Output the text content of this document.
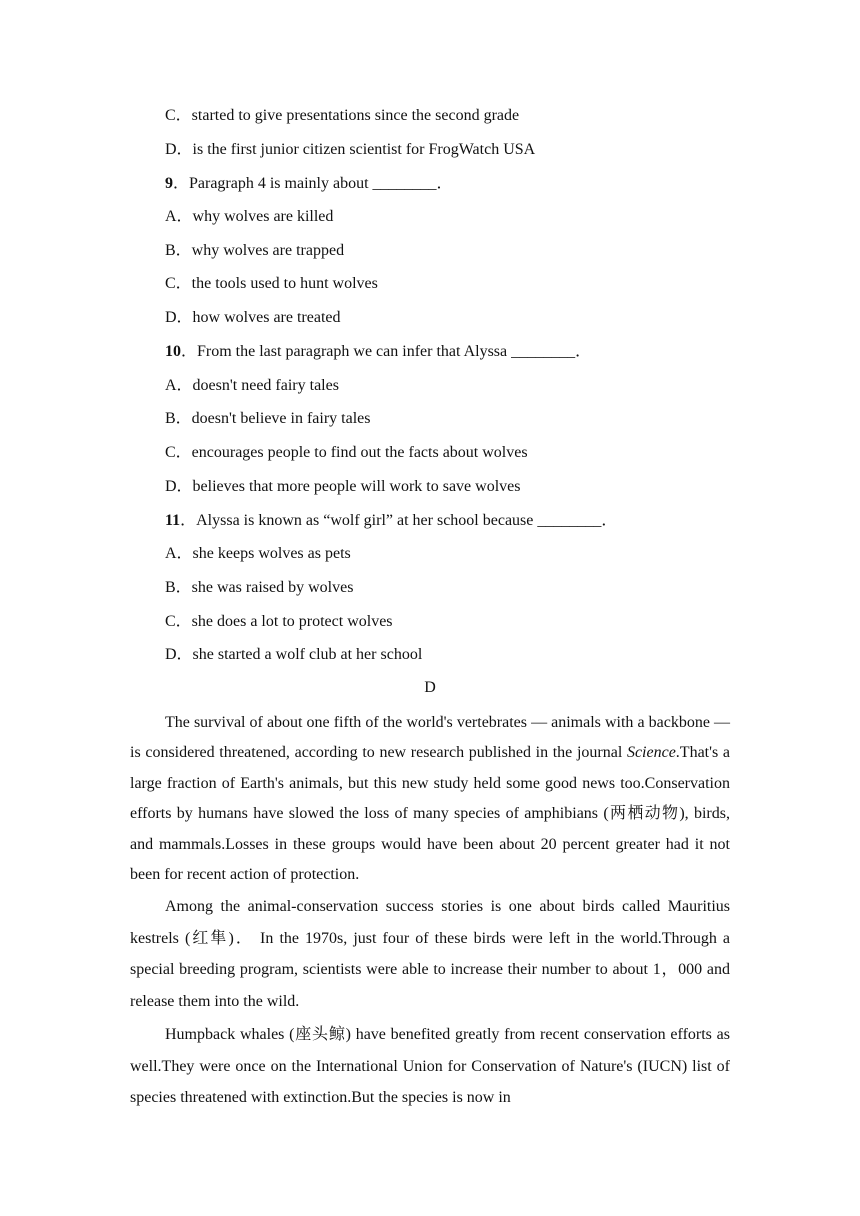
C．started to give presentations since the second grade
D．is the first junior citizen scientist for FrogWatch USA
9．Paragraph 4 is mainly about ________．
A．why wolves are killed
B．why wolves are trapped
C．the tools used to hunt wolves
D．how wolves are treated
10．From the last paragraph we can infer that Alyssa ________．
A．doesn't need fairy tales
B．doesn't believe in fairy tales
C．encourages people to find out the facts about wolves
D．believes that more people will work to save wolves
11．Alyssa is known as “wolf girl” at her school because ________．
A．she keeps wolves as pets
B．she was raised by wolves
C．she does a lot to protect wolves
D．she started a wolf club at her school
D

The survival of about one fifth of the world's vertebrates — animals with a backbone — is considered threatened, according to new research published in the journal Science.That's a large fraction of Earth's animals, but this new study held some good news too.Conservation efforts by humans have slowed the loss of many species of amphibians (两栖动物), birds, and mammals.Losses in these groups would have been about 20 percent greater had it not been for recent action of protection.

Among the animal-conservation success stories is one about birds called Mauritius kestrels (红隼)． In the 1970s, just four of these birds were left in the world.Through a special breeding program, scientists were able to increase their number to about 1，000 and release them into the wild.

Humpback whales (座头鲸) have benefited greatly from recent conservation efforts as well.They were once on the International Union for Conservation of Nature's (IUCN) list of species threatened with extinction.But the species is now in
